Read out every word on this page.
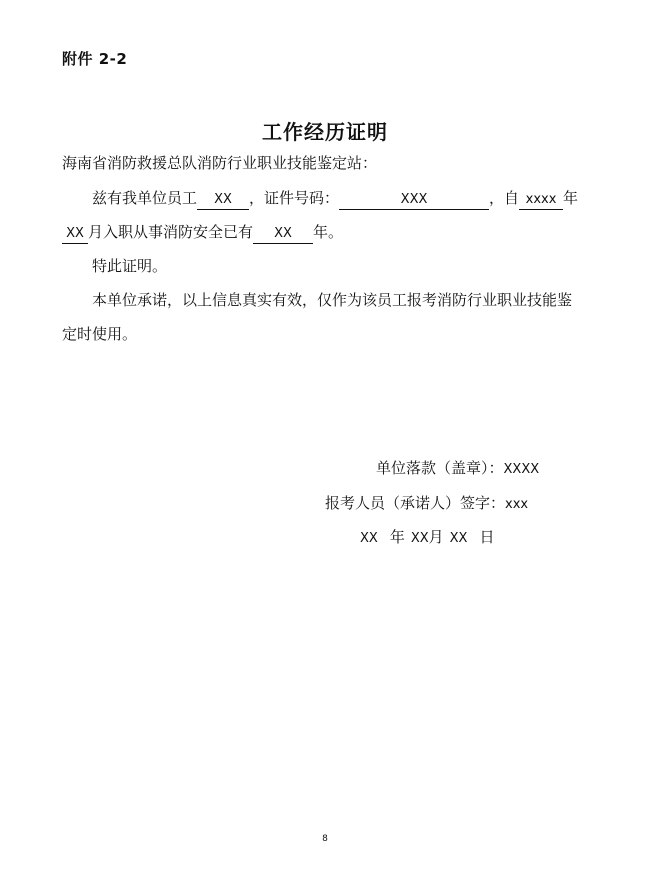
附件 2-2
工作经历证明
海南省消防救援总队消防行业职业技能鉴定站：
兹有我单位员工 XX ，证件号码：	XXX	，自 xxxx 年
XX 月入职从事消防安全已有 XX 年。
特此证明。
本单位承诺，以上信息真实有效，仅作为该员工报考消防行业职业技能鉴
定时使用。
单位落款（盖章）：XXXX
报考人员（承诺人）签字：xxx
XX 年 XX月 XX 日
8
